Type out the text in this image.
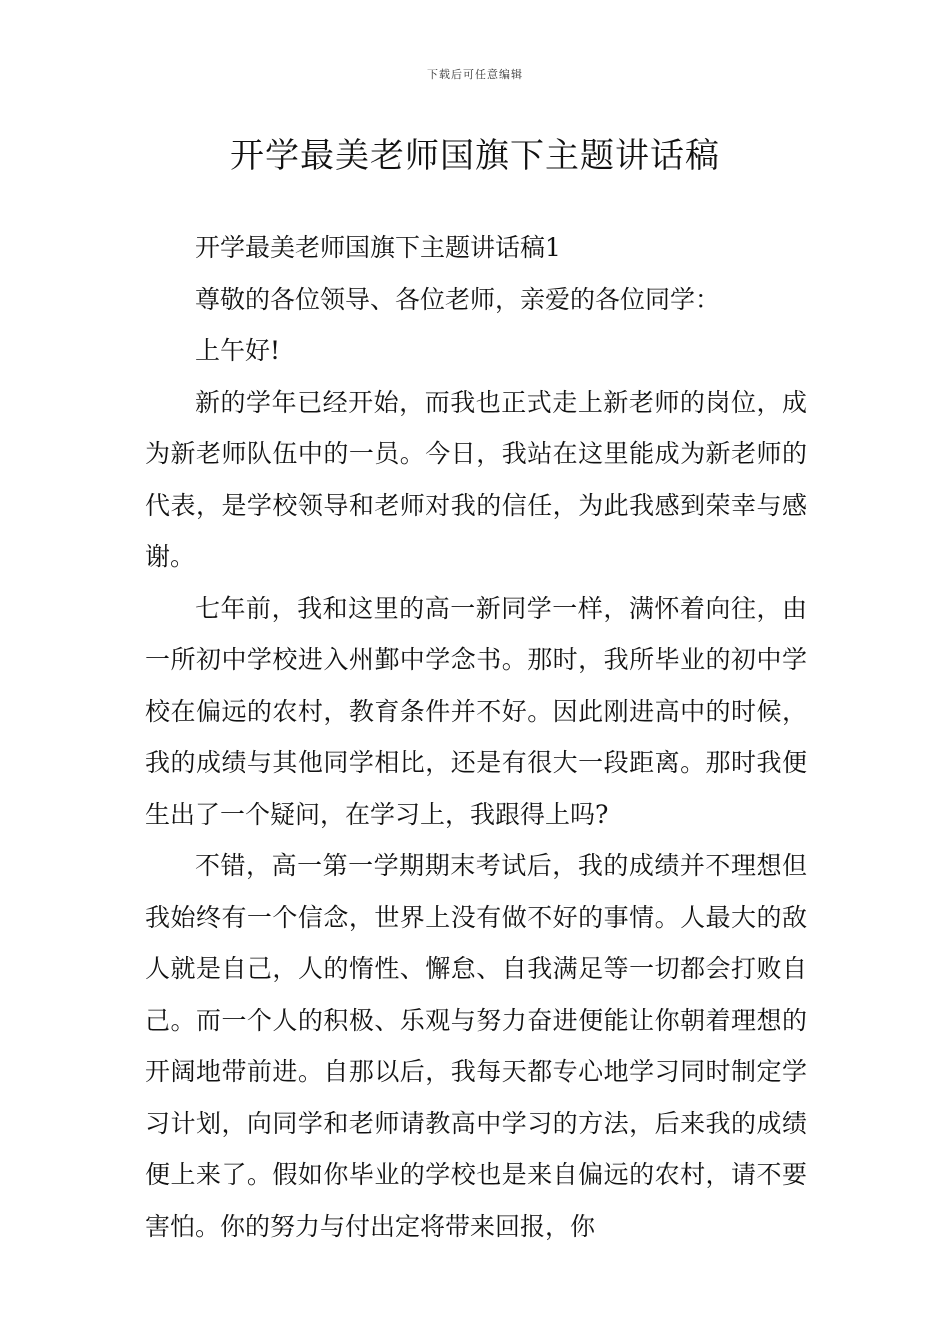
下载后可任意编辑
开学最美老师国旗下主题讲话稿

开学最美老师国旗下主题讲话稿1

尊敬的各位领导、各位老师，亲爱的各位同学：

上午好!

新的学年已经开始，而我也正式走上新老师的岗位，成为新老师队伍中的一员。今日，我站在这里能成为新老师的代表，是学校领导和老师对我的信任，为此我感到荣幸与感谢。

七年前，我和这里的高一新同学一样，满怀着向往，由一所初中学校进入州鄞中学念书。那时，我所毕业的初中学校在偏远的农村，教育条件并不好。因此刚进高中的时候，我的成绩与其他同学相比，还是有很大一段距离。那时我便生出了一个疑问，在学习上，我跟得上吗?

不错，高一第一学期期末考试后，我的成绩并不理想但我始终有一个信念，世界上没有做不好的事情。人最大的敌人就是自己，人的惰性、懈怠、自我满足等一切都会打败自己。而一个人的积极、乐观与努力奋进便能让你朝着理想的开阔地带前进。自那以后，我每天都专心地学习同时制定学习计划，向同学和老师请教高中学习的方法，后来我的成绩便上来了。假如你毕业的学校也是来自偏远的农村，请不要害怕。你的努力与付出定将带来回报，你
